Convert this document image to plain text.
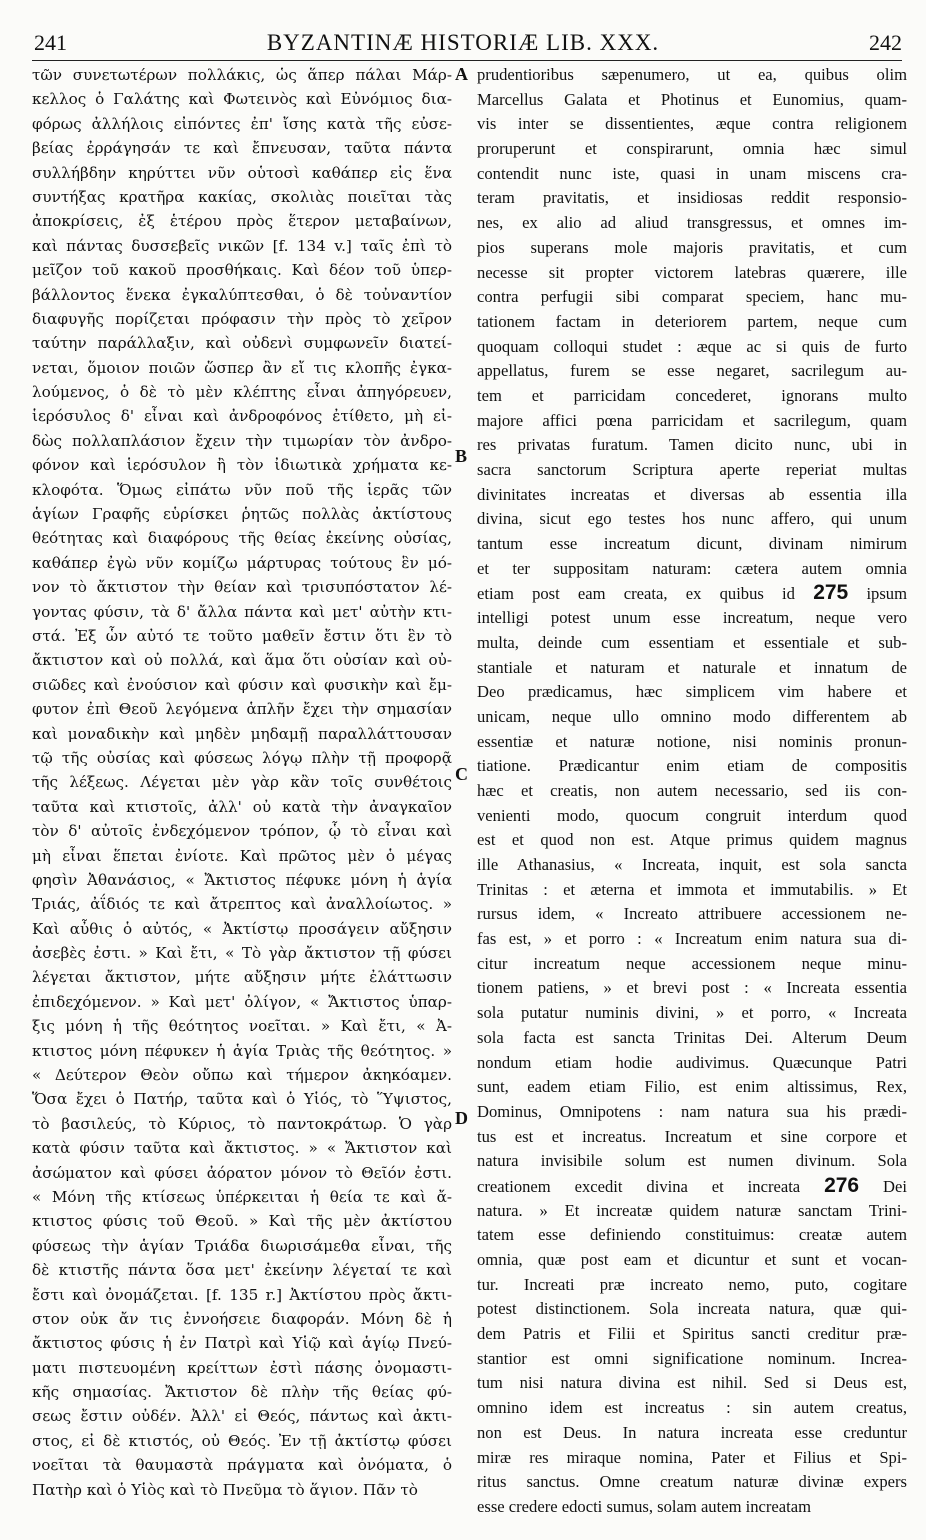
241	BYZANTINÆ HISTORIÆ LIB. XXX.	242
τῶν συνετωτέρων πολλάκις, ὡς ἅπερ πάλαι Μάρ-
κελλος ὁ Γαλάτης καὶ Φωτεινὸς καὶ Εὐνόμιος δια-
φόρως ἀλλήλοις εἰπόντες ἐπ' ἴσης κατὰ τῆς εὐσε-
βείας ἐρράγησάν τε καὶ ἔπνευσαν, ταῦτα πάντα
συλλήβδην κηρύττει νῦν οὑτοσὶ καθάπερ εἰς ἕνα
συντήξας κρατῆρα κακίας, σκολιὰς ποιεῖται τὰς
ἀποκρίσεις, ἐξ ἑτέρου πρὸς ἕτερον μεταβαίνων,
καὶ πάντας δυσσεβεῖς νικῶν [f. 134 v.] ταῖς ἐπὶ τὸ
μεῖζον τοῦ κακοῦ προσθήκαις. Καὶ δέον τοῦ ὑπερ-
βάλλοντος ἕνεκα ἐγκαλύπτεσθαι, ὁ δὲ τοὐναντίον
διαφυγῆς πορίζεται πρόφασιν τὴν πρὸς τὸ χεῖρον
ταύτην παράλλαξιν, καὶ οὐδενὶ συμφωνεῖν διατεί-
νεται, ὅμοιον ποιῶν ὥσπερ ἂν εἴ τις κλοπῆς ἐγκα-
λούμενος, ὁ δὲ τὸ μὲν κλέπτης εἶναι ἀπηγόρευεν,
ἱερόσυλος δ' εἶναι καὶ ἀνδροφόνος ἐτίθετο, μὴ εἰ-
δὼς πολλαπλάσιον ἔχειν τὴν τιμωρίαν τὸν ἀνδρο-
φόνον καὶ ἱερόσυλον ἢ τὸν ἰδιωτικὰ χρήματα κε-
κλοφότα. Ὅμως εἰπάτω νῦν ποῦ τῆς ἱερᾶς τῶν
ἁγίων Γραφῆς εὑρίσκει ῥητῶς πολλὰς ἀκτίστους
θεότητας καὶ διαφόρους τῆς θείας ἐκείνης οὐσίας,
καθάπερ ἐγὼ νῦν κομίζω μάρτυρας τούτους ἓν μό-
νον τὸ ἄκτιστον τὴν θείαν καὶ τρισυπόστατον λέ-
γοντας φύσιν, τὰ δ' ἄλλα πάντα καὶ μετ' αὐτὴν κτι-
στά. Ἐξ ὧν αὐτό τε τοῦτο μαθεῖν ἔστιν ὅτι ἓν τὸ
ἄκτιστον καὶ οὐ πολλά, καὶ ἅμα ὅτι οὐσίαν καὶ οὐ-
σιῶδες καὶ ἐνούσιον καὶ φύσιν καὶ φυσικὴν καὶ ἔμ-
φυτον ἐπὶ Θεοῦ λεγόμενα ἁπλῆν ἔχει τὴν σημασίαν
καὶ μοναδικὴν καὶ μηδὲν μηδαμῇ παραλλάττουσαν
τῷ τῆς οὐσίας καὶ φύσεως λόγῳ πλὴν τῇ προφορᾷ
τῆς λέξεως. Λέγεται μὲν γὰρ κἂν τοῖς συνθέτοις
ταῦτα καὶ κτιστοῖς, ἀλλ' οὐ κατὰ τὴν ἀναγκαῖον
τὸν δ' αὐτοῖς ἐνδεχόμενον τρόπον, ᾧ τὸ εἶναι καὶ
μὴ εἶναι ἕπεται ἐνίοτε. Καὶ πρῶτος μὲν ὁ μέγας
φησὶν Ἀθανάσιος, « Ἄκτιστος πέφυκε μόνη ἡ ἁγία
Τριάς, ἀΐδιός τε καὶ ἄτρεπτος καὶ ἀναλλοίωτος. »
Καὶ αὖθις ὁ αὐτός, « Ἀκτίστῳ προσάγειν αὔξησιν
ἀσεβὲς ἐστι. » Καὶ ἔτι, « Τὸ γὰρ ἄκτιστον τῇ φύσει
λέγεται ἄκτιστον, μήτε αὔξησιν μήτε ἐλάττωσιν
ἐπιδεχόμενον. » Καὶ μετ' ὀλίγον, « Ἄκτιστος ὑπαρ-
ξις μόνη ἡ τῆς θεότητος νοεῖται. » Καὶ ἔτι, « Ἀ-
κτιστος μόνη πέφυκεν ἡ ἁγία Τριὰς τῆς θεότητος. »
« Δεύτερον Θεὸν οὔπω καὶ τήμερον ἀκηκόαμεν.
Ὅσα ἔχει ὁ Πατήρ, ταῦτα καὶ ὁ Υἱός, τὸ Ὕψιστος,
τὸ βασιλεύς, τὸ Κύριος, τὸ παντοκράτωρ. Ὁ γὰρ
κατὰ φύσιν ταῦτα καὶ ἄκτιστος. » « Ἄκτιστον καὶ
ἀσώματον καὶ φύσει ἀόρατον μόνον τὸ Θεῖόν ἐστι.
« Μόνη τῆς κτίσεως ὑπέρκειται ἡ θεία τε καὶ ἄ-
κτιστος φύσις τοῦ Θεοῦ. » Καὶ τῆς μὲν ἀκτίστου
φύσεως τὴν ἁγίαν Τριάδα διωρισάμεθα εἶναι, τῆς
δὲ κτιστῆς πάντα ὅσα μετ' ἐκείνην λέγεταί τε καὶ
ἔστι καὶ ὀνομάζεται. [f. 135 r.] Ἀκτίστου πρὸς ἄκτι-
στον οὐκ ἄν τις ἐννοήσειε διαφοράν. Μόνη δὲ ἡ
ἄκτιστος φύσις ἡ ἐν Πατρὶ καὶ Υἱῷ καὶ ἁγίῳ Πνεύ-
ματι πιστευομένη κρείττων ἐστὶ πάσης ὀνομαστι-
κῆς σημασίας. Ἄκτιστον δὲ πλὴν τῆς θείας φύ-
σεως ἔστιν οὐδέν. Ἀλλ' εἰ Θεός, πάντως καὶ ἀκτι-
στος, εἰ δὲ κτιστός, οὐ Θεός. Ἐν τῇ ἀκτίστῳ φύσει
νοεῖται τὰ θαυμαστὰ πράγματα καὶ ὀνόματα, ὁ
Πατὴρ καὶ ὁ Υἱὸς καὶ τὸ Πνεῦμα τὸ ἅγιον. Πᾶν τὸ
prudentioribus sæpenumero, ut ea, quibus olim
Marcellus Galata et Photinus et Eunomius, quam-
vis inter se dissentientes, æque contra religionem
proruperunt et conspirarunt, omnia hæc simul
contendit nunc iste, quasi in unam miscens cra-
teram pravitatis, et insidiosas reddit responsio-
nes, ex alio ad aliud transgressus, et omnes im-
pios superans mole majoris pravitatis, et cum
necesse sit propter victorem latebras quærere, ille
contra perfugii sibi comparat speciem, hanc mu-
tationem factam in deteriorem partem, neque cum
quoquam colloqui studet : æque ac si quis de furto
appellatus, furem se esse negaret, sacrilegum au-
tem et parricidam concederet, ignorans multo
majore affici pœna parricidam et sacrilegum, quam
res privatas furatum. Tamen dicito nunc, ubi in
sacra sanctorum Scriptura aperte reperiat multas
divinitates increatas et diversas ab essentia illa
divina, sicut ego testes hos nunc affero, qui unum
tantum esse increatum dicunt, divinam nimirum
et ter suppositam naturam: cætera autem omnia
etiam post eam creata, ex quibus id 275 ipsum
intelligi potest unum esse increatum, neque vero
multa, deinde cum essentiam et essentiale et sub-
stantiale et naturam et naturale et innatum de
Deo prædicamus, hæc simplicem vim habere et
unicam, neque ullo omnino modo differentem ab
essentiæ et naturæ notione, nisi nominis pronun-
tiatione. Prædicantur enim etiam de compositis
hæc et creatis, non autem necessario, sed iis con-
venienti modo, quocum congruit interdum quod
est et quod non est. Atque primus quidem magnus
ille Athanasius, « Increata, inquit, est sola sancta
Trinitas : et æterna et immota et immutabilis. » Et
rursus idem, « Increato attribuere accessionem ne-
fas est, » et porro : « Increatum enim natura sua di-
citur increatum neque accessionem neque minu-
tionem patiens, » et brevi post : « Increata essentia
sola putatur numinis divini, » et porro, « Increata
sola facta est sancta Trinitas Dei. Alterum Deum
nondum etiam hodie audivimus. Quæcunque Patri
sunt, eadem etiam Filio, est enim altissimus, Rex,
Dominus, Omnipotens : nam natura sua his prædi-
tus est et increatus. Increatum et sine corpore et
natura invisibile solum est numen divinum. Sola
creationem excedit divina et increata 276 Dei
natura. » Et increatæ quidem naturæ sanctam Trini-
tatem esse definiendo constituimus: creatæ autem
omnia, quæ post eam et dicuntur et sunt et vocan-
tur. Increati præ increato nemo, puto, cogitare
potest distinctionem. Sola increata natura, quæ qui-
dem Patris et Filii et Spiritus sancti creditur præ-
stantior est omni significatione nominum. Increa-
tum nisi natura divina est nihil. Sed si Deus est,
omnino idem est increatus : sin autem creatus,
non est Deus. In natura increata esse creduntur
miræ res miraque nomina, Pater et Filius et Spi-
ritus sanctus. Omne creatum naturæ divinæ expers
esse credere edocti sumus, solam autem increatam
A
B
C
D
